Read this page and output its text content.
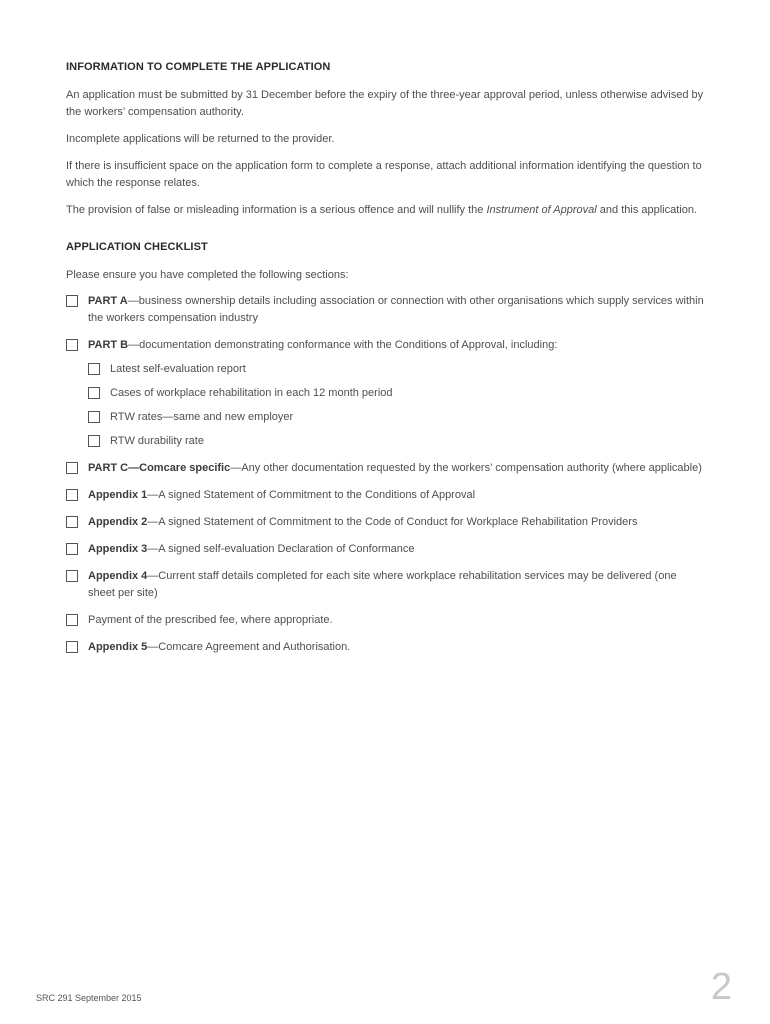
INFORMATION TO COMPLETE THE APPLICATION

An application must be submitted by 31 December before the expiry of the three-year approval period, unless otherwise advised by the workers’ compensation authority.

Incomplete applications will be returned to the provider.

If there is insufficient space on the application form to complete a response, attach additional information identifying the question to which the response relates.

The provision of false or misleading information is a serious offence and will nullify the Instrument of Approval and this application.

APPLICATION CHECKLIST

Please ensure you have completed the following sections:

PART A—business ownership details including association or connection with other organisations which supply services within the workers compensation industry
PART B—documentation demonstrating conformance with the Conditions of Approval, including:
Latest self-evaluation report
Cases of workplace rehabilitation in each 12 month period
RTW rates—same and new employer
RTW durability rate
PART C—Comcare specific—Any other documentation requested by the workers’ compensation authority (where applicable)
Appendix 1—A signed Statement of Commitment to the Conditions of Approval
Appendix 2—A signed Statement of Commitment to the Code of Conduct for Workplace Rehabilitation Providers
Appendix 3—A signed self-evaluation Declaration of Conformance
Appendix 4—Current staff details completed for each site where workplace rehabilitation services may be delivered (one sheet per site)
Payment of the prescribed fee, where appropriate.
Appendix 5—Comcare Agreement and Authorisation.
SRC 291 September 2015	2
